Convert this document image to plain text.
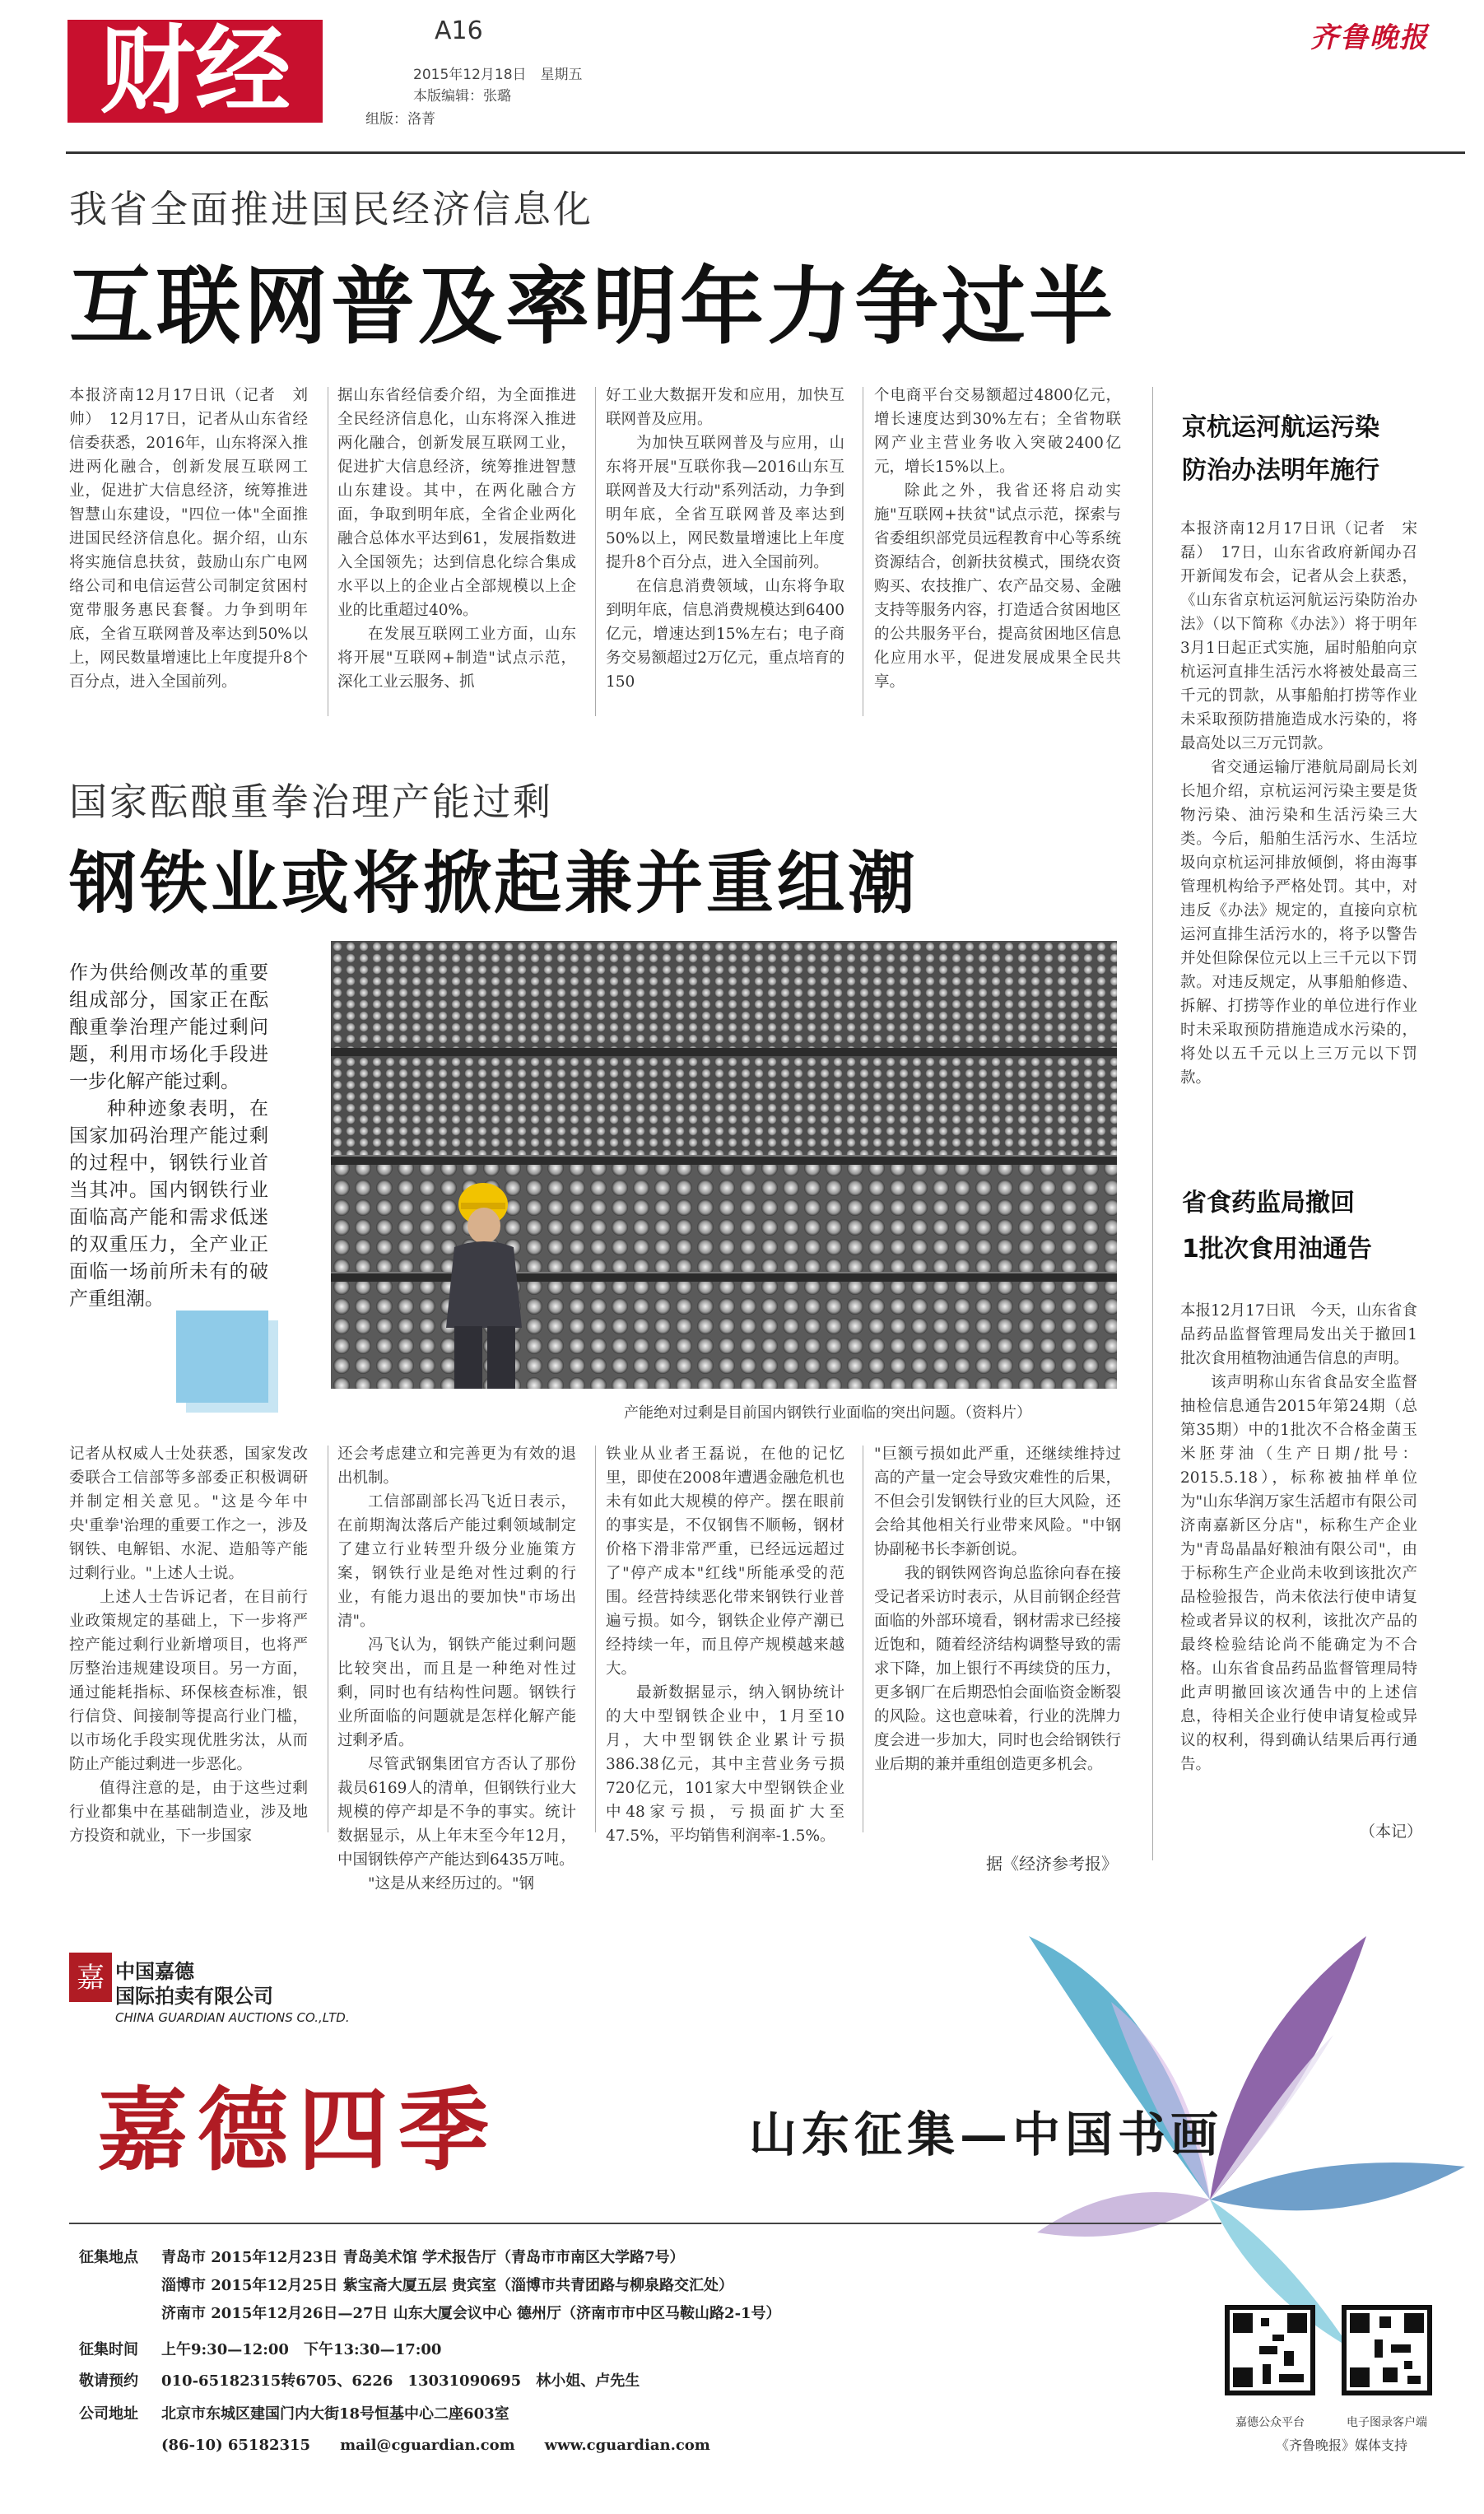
财经	A16
2015年12月18日　星期五
本版编辑：张璐
组版：洛菁
齐鲁晚报
我省全面推进国民经济信息化
互联网普及率明年力争过半
本报济南12月17日讯（记者　刘帅）　12月17日，记者从山东省经信委获悉，2016年，山东将深入推进两化融合，创新发展互联网工业，促进扩大信息经济，统筹推进智慧山东建设，"四位一体"全面推进国民经济信息化。据介绍，山东将实施信息扶贫，鼓励山东广电网络公司和电信运营公司制定贫困村宽带服务惠民套餐。力争到明年底，全省互联网普及率达到50%以上，网民数量增速比上年度提升8个百分点，进入全国前列。
据山东省经信委介绍，为全面推进全民经济信息化，山东将深入推进两化融合，创新发展互联网工业，促进扩大信息经济，统筹推进智慧山东建设。其中，在两化融合方面，争取到明年底，全省企业两化融合总体水平达到61，发展指数进入全国领先；达到信息化综合集成水平以上的企业占全部规模以上企业的比重超过40%。
在发展互联网工业方面，山东将开展"互联网+制造"试点示范，深化工业云服务、抓
好工业大数据开发和应用，加快互联网普及应用。
为加快互联网普及与应用，山东将开展"互联你我—2016山东互联网普及大行动"系列活动，力争到明年底，全省互联网普及率达到50%以上，网民数量增速比上年度提升8个百分点，进入全国前列。
在信息消费领域，山东将争取到明年底，信息消费规模达到6400亿元，增速达到15%左右；电子商务交易额超过2万亿元，重点培育的150
个电商平台交易额超过4800亿元，增长速度达到30%左右；全省物联网产业主营业务收入突破2400亿元，增长15%以上。
除此之外，我省还将启动实施"互联网+扶贫"试点示范，探索与省委组织部党员远程教育中心等系统资源结合，创新扶贫模式，围绕农资购买、农技推广、农产品交易、金融支持等服务内容，打造适合贫困地区的公共服务平台，提高贫困地区信息化应用水平，促进发展成果全民共享。
京杭运河航运污染
防治办法明年施行
本报济南12月17日讯（记者　宋磊）　17日，山东省政府新闻办召开新闻发布会，记者从会上获悉，《山东省京杭运河航运污染防治办法》（以下简称《办法》）将于明年3月1日起正式实施，届时船舶向京杭运河直排生活污水将被处最高三千元的罚款，从事船舶打捞等作业未采取预防措施造成水污染的，将最高处以三万元罚款。
省交通运输厅港航局副局长刘长旭介绍，京杭运河污染主要是货物污染、油污染和生活污染三大类。今后，船舶生活污水、生活垃圾向京杭运河排放倾倒，将由海事管理机构给予严格处罚。其中，对违反《办法》规定的，直接向京杭运河直排生活污水的，将予以警告并处但除保位元以上三千元以下罚款。对违反规定，从事船舶修造、拆解、打捞等作业的单位进行作业时未采取预防措施造成水污染的，将处以五千元以上三万元以下罚款。
国家酝酿重拳治理产能过剩
钢铁业或将掀起兼并重组潮
作为供给侧改革的重要组成部分，国家正在酝酿重拳治理产能过剩问题，利用市场化手段进一步化解产能过剩。
种种迹象表明，在国家加码治理产能过剩的过程中，钢铁行业首当其冲。国内钢铁行业面临高产能和需求低迷的双重压力，全产业正面临一场前所未有的破产重组潮。
产能绝对过剩是目前国内钢铁行业面临的突出问题。（资料片）
记者从权威人士处获悉，国家发改委联合工信部等多部委正积极调研并制定相关意见。"这是今年中央'重拳'治理的重要工作之一，涉及钢铁、电解铝、水泥、造船等产能过剩行业。"上述人士说。
上述人士告诉记者，在目前行业政策规定的基础上，下一步将严控产能过剩行业新增项目，也将严厉整治违规建设项目。另一方面，通过能耗指标、环保核查标准，银行信贷、间接制等提高行业门槛，以市场化手段实现优胜劣汰，从而防止产能过剩进一步恶化。
值得注意的是，由于这些过剩行业都集中在基础制造业，涉及地方投资和就业，下一步国家
还会考虑建立和完善更为有效的退出机制。
工信部副部长冯飞近日表示，在前期淘汰落后产能过剩领域制定了建立行业转型升级分业施策方案，钢铁行业是绝对性过剩的行业，有能力退出的要加快"市场出清"。
冯飞认为，钢铁产能过剩问题比较突出，而且是一种绝对性过剩，同时也有结构性问题。钢铁行业所面临的问题就是怎样化解产能过剩矛盾。
尽管武钢集团官方否认了那份裁员6169人的清单，但钢铁行业大规模的停产却是不争的事实。统计数据显示，从上年末至今年12月，中国钢铁停产产能达到6435万吨。
"这是从来经历过的。"钢
铁业从业者王磊说，在他的记忆里，即使在2008年遭遇金融危机也未有如此大规模的停产。摆在眼前的事实是，不仅钢售不顺畅，钢材价格下滑非常严重，已经远远超过了"停产成本"红线"所能承受的范围。经营持续恶化带来钢铁行业普遍亏损。如今，钢铁企业停产潮已经持续一年，而且停产规模越来越大。
最新数据显示，纳入钢协统计的大中型钢铁企业中，1月至10月，大中型钢铁企业累计亏损386.38亿元，其中主营业务亏损720亿元，101家大中型钢铁企业中48家亏损，亏损面扩大至47.5%，平均销售利润率-1.5%。
"巨额亏损如此严重，还继续维持过高的产量一定会导致灾难性的后果，不但会引发钢铁行业的巨大风险，还会给其他相关行业带来风险。"中钢协副秘书长李新创说。
我的钢铁网咨询总监徐向春在接受记者采访时表示，从目前钢企经营面临的外部环境看，钢材需求已经接近饱和，随着经济结构调整导致的需求下降，加上银行不再续贷的压力，更多钢厂在后期恐怕会面临资金断裂的风险。这也意味着，行业的洗牌力度会进一步加大，同时也会给钢铁行业后期的兼并重组创造更多机会。
据《经济参考报》
省食药监局撤回
1批次食用油通告
本报12月17日讯　今天，山东省食品药品监督管理局发出关于撤回1批次食用植物油通告信息的声明。
该声明称山东省食品安全监督抽检信息通告2015年第24期（总第35期）中的1批次不合格金菌玉米胚芽油（生产日期/批号：2015.5.18），标称被抽样单位为"山东华润万家生活超市有限公司济南嘉新区分店"，标称生产企业为"青岛晶晶好粮油有限公司"，由于标称生产企业尚未收到该批次产品检验报告，尚未依法行使申请复检或者异议的权利，该批次产品的最终检验结论尚不能确定为不合格。山东省食品药品监督管理局特此声明撤回该次通告中的上述信息，待相关企业行使申请复检或异议的权利，得到确认结果后再行通告。
（本记）
嘉 中国嘉德
国际拍卖有限公司
CHINA GUARDIAN AUCTIONS CO.,LTD.
嘉德四季	山东征集—中国书画
征集地点 青岛市 2015年12月23日 青岛美术馆 学术报告厅（青岛市市南区大学路7号）
淄博市 2015年12月25日 紫宝斋大厦五层 贵宾室（淄博市共青团路与柳泉路交汇处）
济南市 2015年12月26日—27日 山东大厦会议中心 德州厅（济南市市中区马鞍山路2-1号）
征集时间 上午9:30—12:00　下午13:30—17:00
敬请预约 010-65182315转6705、6226　13031090695　林小姐、卢先生
公司地址 北京市东城区建国门内大街18号恒基中心二座603室
(86-10) 65182315　　mail@cguardian.com　　www.cguardian.com
嘉德公众平台	电子图录客户端
《齐鲁晚报》媒体支持
